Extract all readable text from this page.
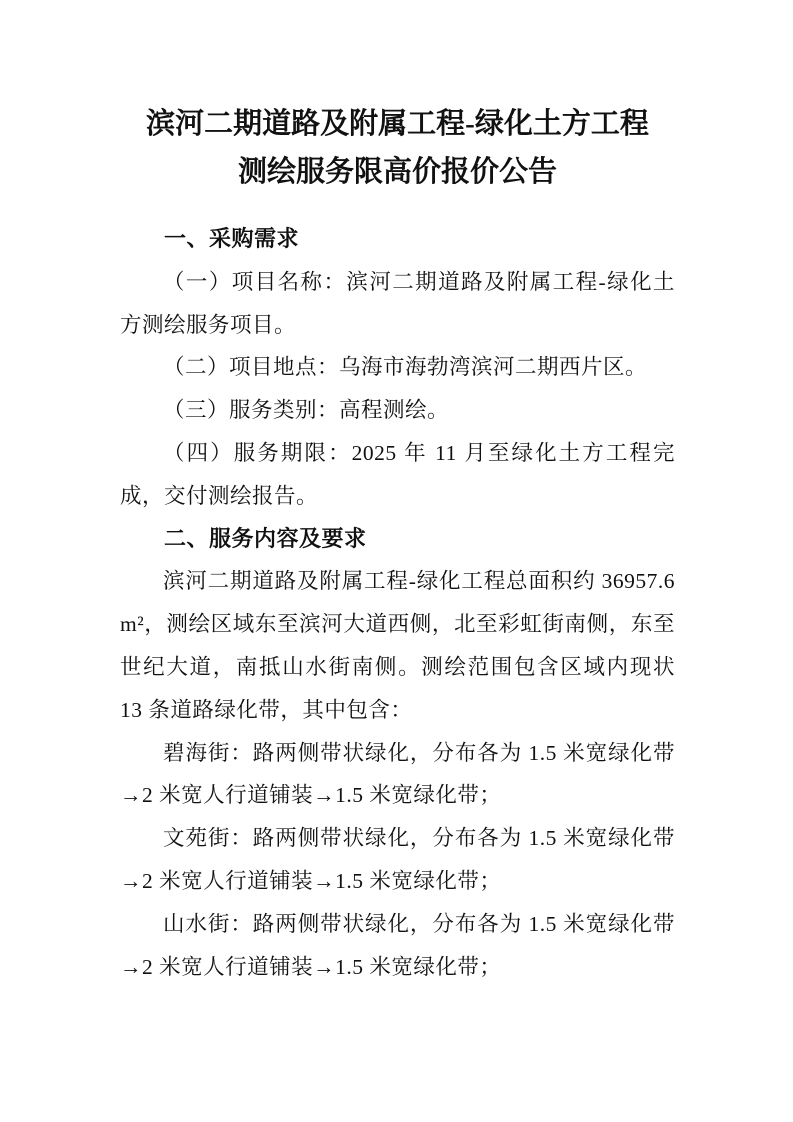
滨河二期道路及附属工程-绿化土方工程
测绘服务限高价报价公告

一、采购需求

（一）项目名称：滨河二期道路及附属工程-绿化土方测绘服务项目。

（二）项目地点：乌海市海勃湾滨河二期西片区。

（三）服务类别：高程测绘。

（四）服务期限：2025 年 11 月至绿化土方工程完成，交付测绘报告。

二、服务内容及要求

滨河二期道路及附属工程-绿化工程总面积约 36957.6 m²，测绘区域东至滨河大道西侧，北至彩虹街南侧，东至世纪大道，南抵山水街南侧。测绘范围包含区域内现状 13 条道路绿化带，其中包含：

碧海街：路两侧带状绿化，分布各为 1.5 米宽绿化带→2 米宽人行道铺装→1.5 米宽绿化带；

文苑街：路两侧带状绿化，分布各为 1.5 米宽绿化带→2 米宽人行道铺装→1.5 米宽绿化带；

山水街：路两侧带状绿化，分布各为 1.5 米宽绿化带→2 米宽人行道铺装→1.5 米宽绿化带；
